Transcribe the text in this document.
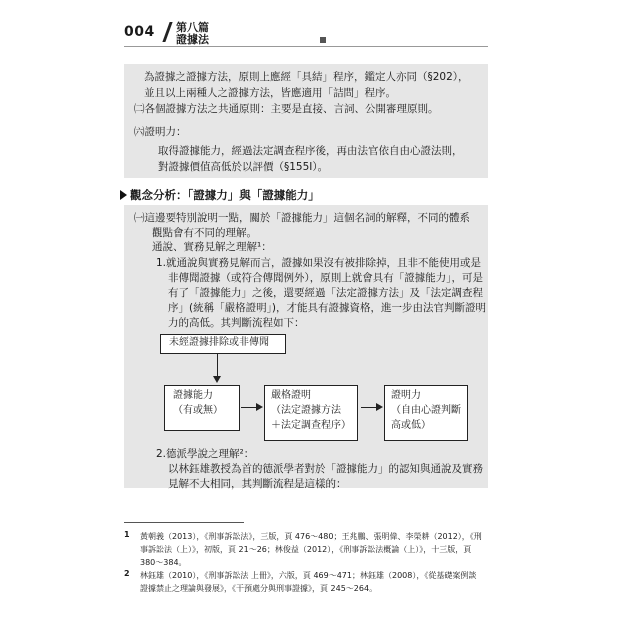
004 第八篇
證據法
為證據之證據方法，原則上應經「具結」程序，鑑定人亦同（§202），
並且以上兩種人之證據方法，皆應適用「詰問」程序。
㈡各個證據方法之共通原則：主要是直接、言詞、公開審理原則。
㈥證明力：
取得證據能力，經過法定調查程序後，再由法官依自由心證法則，
對證據價值高低於以評價（§155Ⅰ）。
觀念分析：「證據力」與「證據能力」
㈠這邊要特別說明一點，關於「證據能力」這個名詞的解釋，不同的體系
觀點會有不同的理解。
通說、實務見解之理解¹：
1.就通說與實務見解而言，證據如果沒有被排除掉，且非不能使用或是
非傳聞證據（或符合傳聞例外），原則上就會具有「證據能力」，可是
有了「證據能力」之後，還要經過「法定證據方法」及「法定調查程
序」(統稱「嚴格證明」)，才能具有證據資格，進一步由法官判斷證明
力的高低。其判斷流程如下：
未經證據排除或非傳聞
證據能力
（有或無）
嚴格證明
（法定證據方法
＋法定調查程序）
證明力
（自由心證判斷
高或低）
2.德派學說之理解²：
以林鈺雄教授為首的德派學者對於「證據能力」的認知與通說及實務
見解不大相同，其判斷流程是這樣的：
1 黃朝義（2013），《刑事訴訟法》，三版，頁 476～480；王兆鵬、張明偉、李榮耕（2012），《刑
事訴訟法（上）》，初版，頁 21～26；林俊益（2012），《刑事訴訟法概論（上）》，十三版，頁
380～384。
2 林鈺雄（2010），《刑事訴訟法 上冊》，六版，頁 469～471；林鈺雄（2008），《從基礎案例談
證據禁止之理論與發展》，《干預處分與刑事證據》，頁 245～264。
